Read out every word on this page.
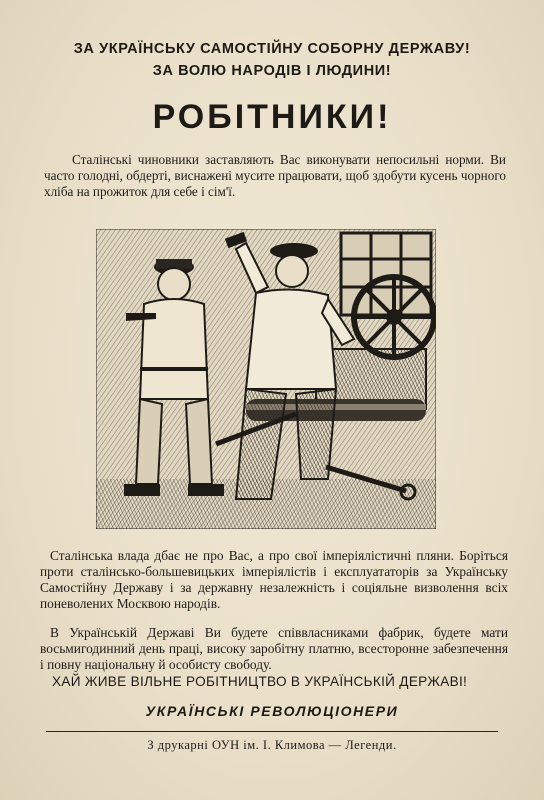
ЗА УКРАЇНСЬКУ САМОСТІЙНУ СОБОРНУ ДЕРЖАВУ!

ЗА ВОЛЮ НАРОДІВ І ЛЮДИНИ!

РОБІТНИКИ!

Сталінські чиновники заставляють Вас виконувати непосильні норми. Ви часто голодні, обдерті, виснажені мусите працювати, щоб здобути кусень чорного хліба на прожиток для себе і сім'ї.

Сталінська влада дбає не про Вас, а про свої імперіялістичні пляни. Боріться проти сталінсько-большевицьких імперіялістів і експлуататорів за Українську Самостійну Державу і за державну незалежність і соціяльне визволення всіх поневолених Москвою народів.

В Українській Державі Ви будете співвласниками фабрик, будете мати восьмигодинний день праці, високу заробітну платню, всесторонне забезпечення і повну національну й особисту свободу.

ХАЙ ЖИВЕ ВІЛЬНЕ РОБІТНИЦТВО В УКРАЇНСЬКІЙ ДЕРЖАВІ!

УКРАЇНСЬКІ РЕВОЛЮЦІОНЕРИ

З друкарні ОУН ім. І. Климова — Легенди.
